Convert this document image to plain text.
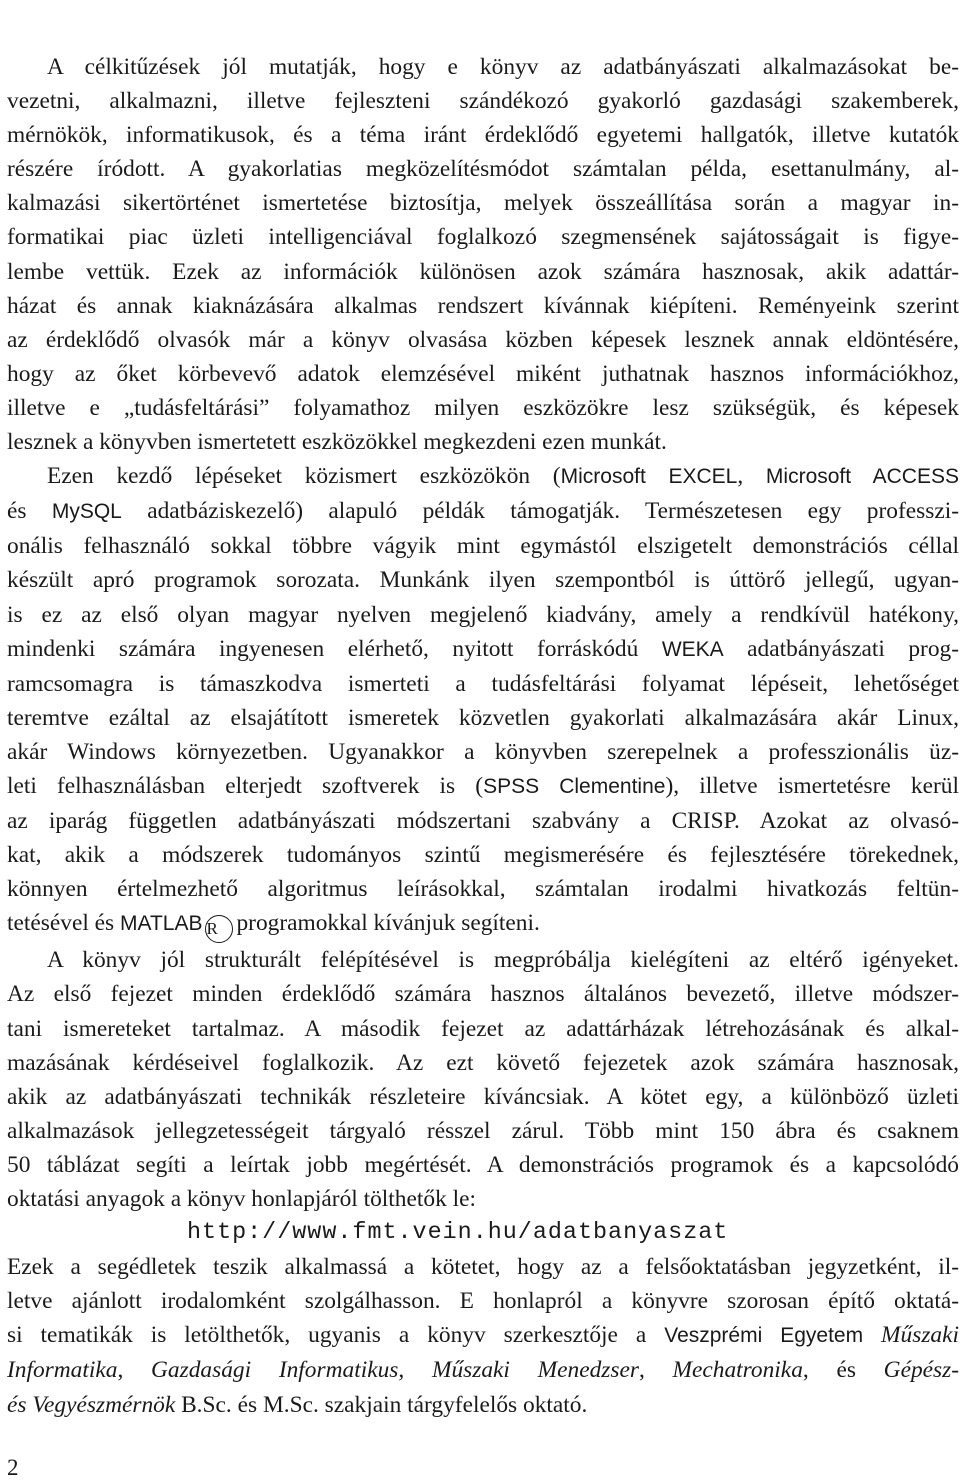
A célkitűzések jól mutatják, hogy e könyv az adatbányászati alkalmazásokat be-
vezetni, alkalmazni, illetve fejleszteni szándékozó gyakorló gazdasági szakemberek,
mérnökök, informatikusok, és a téma iránt érdeklődő egyetemi hallgatók, illetve kutatók
részére íródott. A gyakorlatias megközelítésmódot számtalan példa, esettanulmány, al-
kalmazási sikertörténet ismertetése biztosítja, melyek összeállítása során a magyar in-
formatikai piac üzleti intelligenciával foglalkozó szegmensének sajátosságait is figye-
lembe vettük. Ezek az információk különösen azok számára hasznosak, akik adattár-
házat és annak kiaknázására alkalmas rendszert kívánnak kiépíteni. Reményeink szerint
az érdeklődő olvasók már a könyv olvasása közben képesek lesznek annak eldöntésére,
hogy az őket körbevevő adatok elemzésével miként juthatnak hasznos információkhoz,
illetve e „tudásfeltárási” folyamathoz milyen eszközökre lesz szükségük, és képesek
lesznek a könyvben ismertetett eszközökkel megkezdeni ezen munkát.
Ezen kezdő lépéseket közismert eszközökön (Microsoft EXCEL, Microsoft ACCESS
és MySQL adatbáziskezelő) alapuló példák támogatják. Természetesen egy professzi-
onális felhasználó sokkal többre vágyik mint egymástól elszigetelt demonstrációs céllal
készült apró programok sorozata. Munkánk ilyen szempontból is úttörő jellegű, ugyan-
is ez az első olyan magyar nyelven megjelenő kiadvány, amely a rendkívül hatékony,
mindenki számára ingyenesen elérhető, nyitott forráskódú WEKA adatbányászati prog-
ramcsomagra is támaszkodva ismerteti a tudásfeltárási folyamat lépéseit, lehetőséget
teremtve ezáltal az elsajátított ismeretek közvetlen gyakorlati alkalmazására akár Linux,
akár Windows környezetben. Ugyanakkor a könyvben szerepelnek a professzionális üz-
leti felhasználásban elterjedt szoftverek is (SPSS Clementine), illetve ismertetésre kerül
az iparág független adatbányászati módszertani szabvány a CRISP. Azokat az olvasó-
kat, akik a módszerek tudományos szintű megismerésére és fejlesztésére törekednek,
könnyen értelmezhető algoritmus leírásokkal, számtalan irodalmi hivatkozás feltün-
tetésével és MATLAB R programokkal kívánjuk segíteni.
A könyv jól strukturált felépítésével is megpróbálja kielégíteni az eltérő igényeket.
Az első fejezet minden érdeklődő számára hasznos általános bevezető, illetve módszer-
tani ismereteket tartalmaz. A második fejezet az adattárházak létrehozásának és alkal-
mazásának kérdéseivel foglalkozik. Az ezt követő fejezetek azok számára hasznosak,
akik az adatbányászati technikák részleteire kíváncsiak. A kötet egy, a különböző üzleti
alkalmazások jellegzetességeit tárgyaló résszel zárul. Több mint 150 ábra és csaknem
50 táblázat segíti a leírtak jobb megértését. A demonstrációs programok és a kapcsolódó
oktatási anyagok a könyv honlapjáról tölthetők le:
http://www.fmt.vein.hu/adatbanyaszat
Ezek a segédletek teszik alkalmassá a kötetet, hogy az a felsőoktatásban jegyzetként, il-
letve ajánlott irodalomként szolgálhasson. E honlapról a könyvre szorosan építő oktatá-
si tematikák is letölthetők, ugyanis a könyv szerkesztője a Veszprémi Egyetem Műszaki
Informatika, Gazdasági Informatikus, Műszaki Menedzser, Mechatronika, és Gépész-
és Vegyészmérnök B.Sc. és M.Sc. szakjain tárgyfelelős oktató.
2
